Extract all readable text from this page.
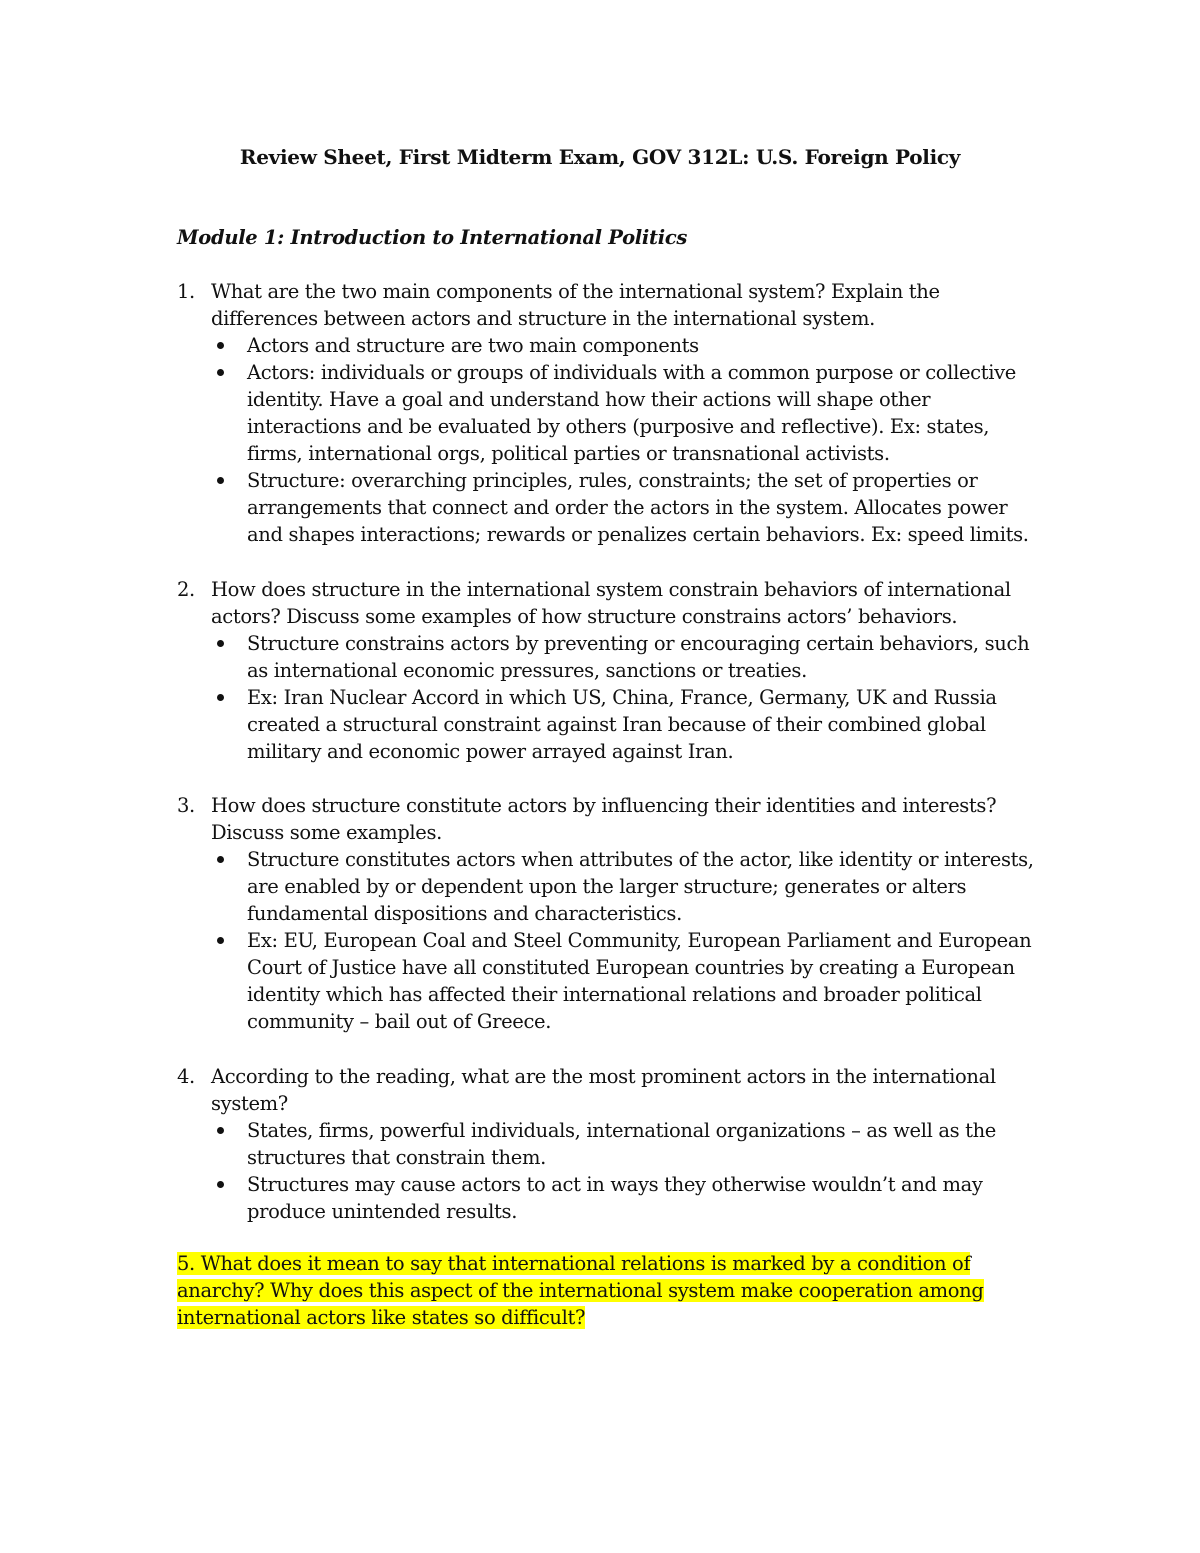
Review Sheet, First Midterm Exam, GOV 312L: U.S. Foreign Policy
Module 1: Introduction to International Politics
1. What are the two main components of the international system? Explain the differences between actors and structure in the international system.
Actors and structure are two main components
Actors: individuals or groups of individuals with a common purpose or collective identity. Have a goal and understand how their actions will shape other interactions and be evaluated by others (purposive and reflective). Ex: states, firms, international orgs, political parties or transnational activists.
Structure: overarching principles, rules, constraints; the set of properties or arrangements that connect and order the actors in the system. Allocates power and shapes interactions; rewards or penalizes certain behaviors. Ex: speed limits.
2. How does structure in the international system constrain behaviors of international actors? Discuss some examples of how structure constrains actors’ behaviors.
Structure constrains actors by preventing or encouraging certain behaviors, such as international economic pressures, sanctions or treaties.
Ex: Iran Nuclear Accord in which US, China, France, Germany, UK and Russia created a structural constraint against Iran because of their combined global military and economic power arrayed against Iran.
3. How does structure constitute actors by influencing their identities and interests? Discuss some examples.
Structure constitutes actors when attributes of the actor, like identity or interests, are enabled by or dependent upon the larger structure; generates or alters fundamental dispositions and characteristics.
Ex: EU, European Coal and Steel Community, European Parliament and European Court of Justice have all constituted European countries by creating a European identity which has affected their international relations and broader political community – bail out of Greece.
4. According to the reading, what are the most prominent actors in the international system?
States, firms, powerful individuals, international organizations – as well as the structures that constrain them.
Structures may cause actors to act in ways they otherwise wouldn’t and may produce unintended results.
5. What does it mean to say that international relations is marked by a condition of anarchy? Why does this aspect of the international system make cooperation among international actors like states so difficult?
